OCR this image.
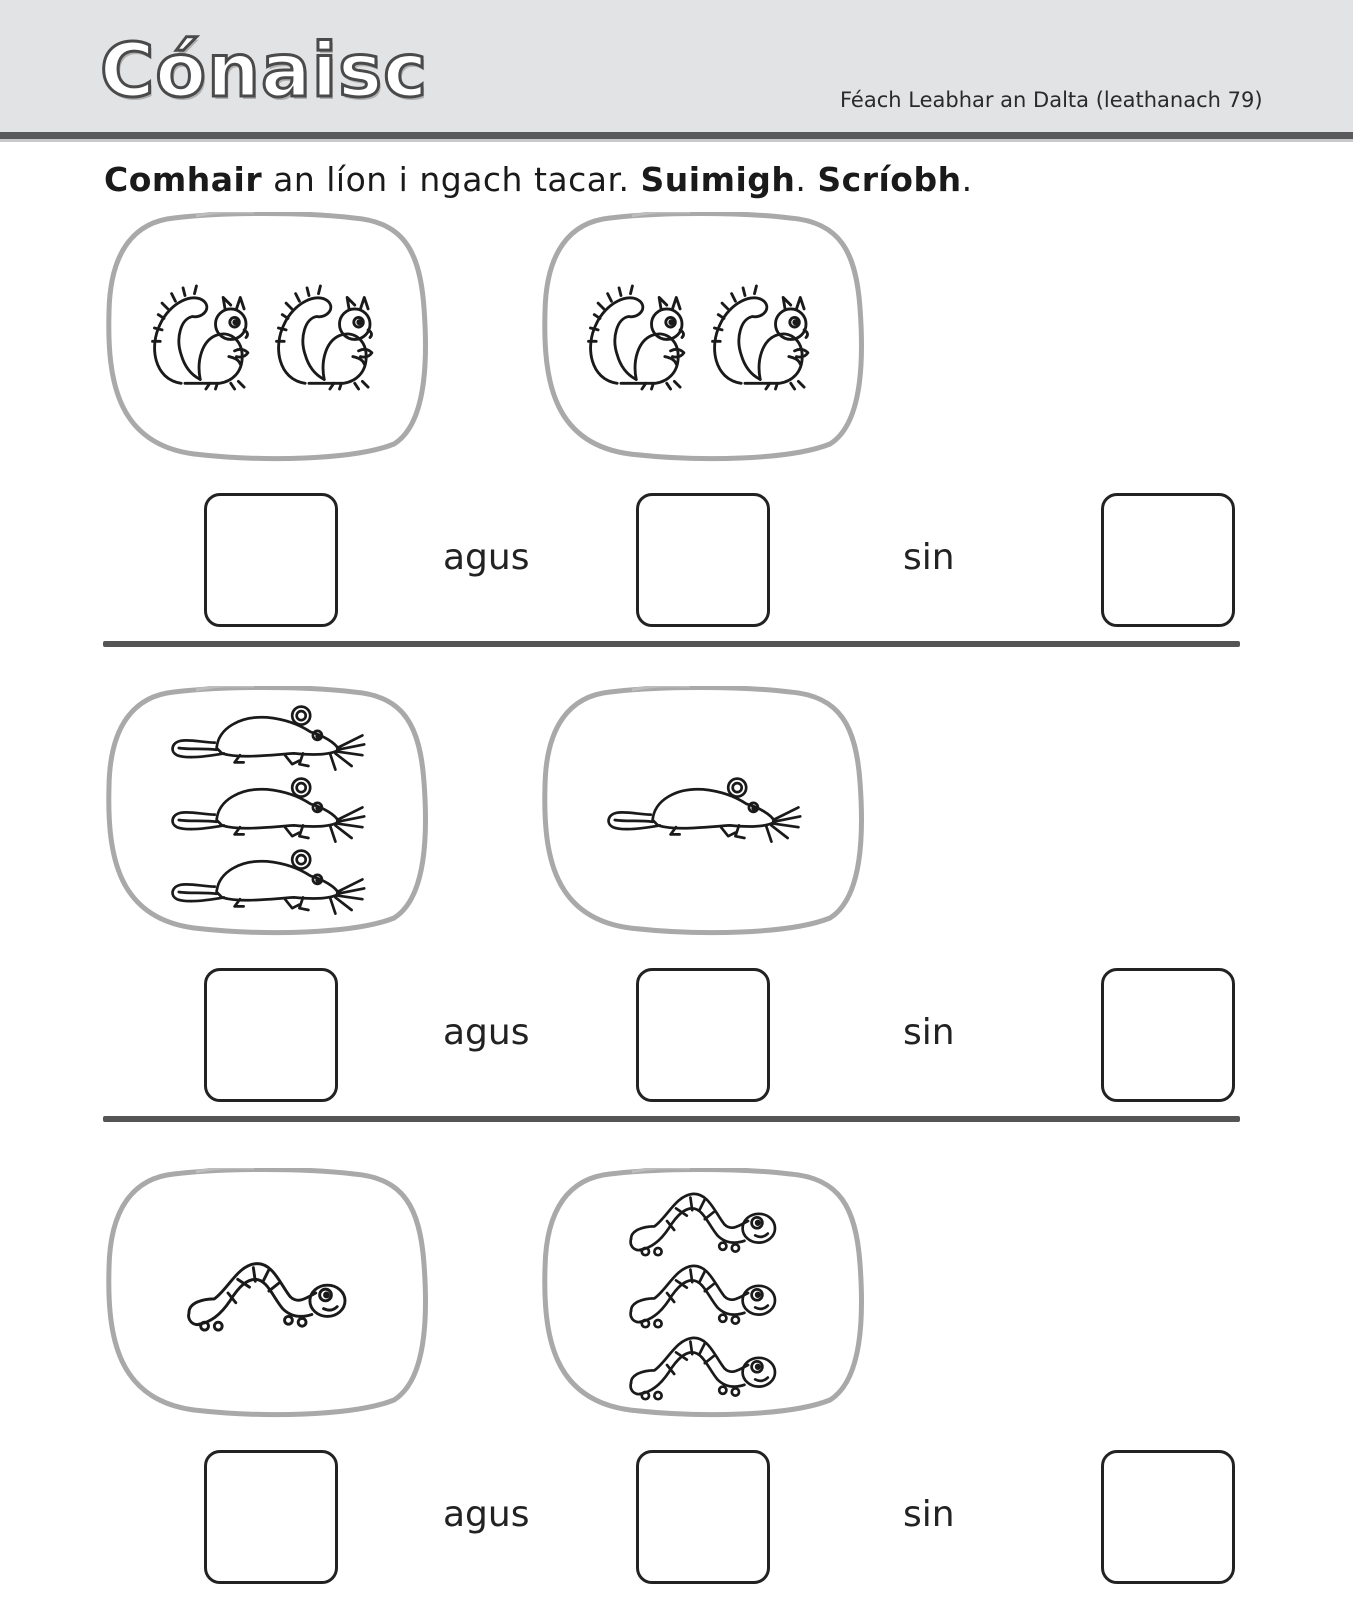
Cónaisc	Féach Leabhar an Dalta (leathanach 79)
Comhair an líon i ngach tacar. Suimigh. Scríobh.
agus	sin
agus	sin
agus	sin
